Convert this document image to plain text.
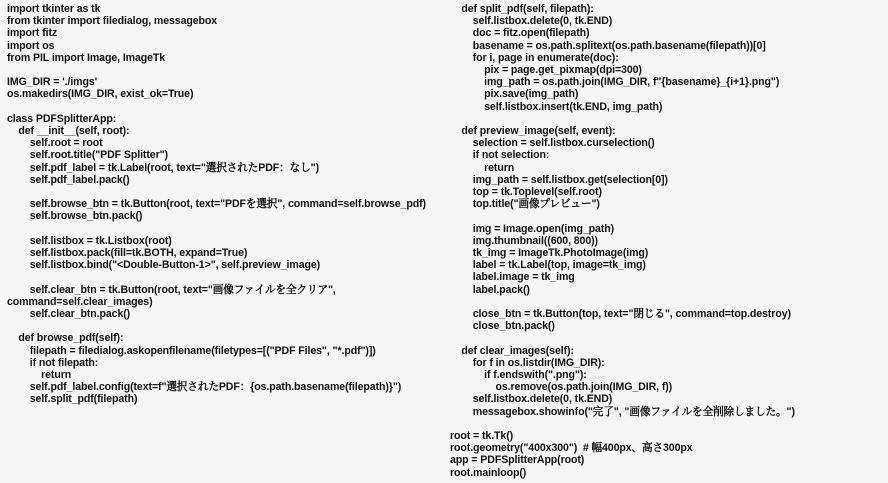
import tkinter as tk
from tkinter import filedialog, messagebox
import fitz
import os
from PIL import Image, ImageTk
IMG_DIR = './imgs'
os.makedirs(IMG_DIR, exist_ok=True)
class PDFSplitterApp:
def __init__(self, root):
self.root = root
self.root.title("PDF Splitter")
self.pdf_label = tk.Label(root, text="選択されたPDF：なし")
self.pdf_label.pack()
self.browse_btn = tk.Button(root, text="PDFを選択", command=self.browse_pdf)
self.browse_btn.pack()
self.listbox = tk.Listbox(root)
self.listbox.pack(fill=tk.BOTH, expand=True)
self.listbox.bind("<Double-Button-1>", self.preview_image)
self.clear_btn = tk.Button(root, text="画像ファイルを全クリア",
command=self.clear_images)
self.clear_btn.pack()
def browse_pdf(self):
filepath = filedialog.askopenfilename(filetypes=[("PDF Files", "*.pdf")])
if not filepath:
return
self.pdf_label.config(text=f"選択されたPDF：{os.path.basename(filepath)}")
self.split_pdf(filepath)
def split_pdf(self, filepath):
self.listbox.delete(0, tk.END)
doc = fitz.open(filepath)
basename = os.path.splitext(os.path.basename(filepath))[0]
for i, page in enumerate(doc):
pix = page.get_pixmap(dpi=300)
img_path = os.path.join(IMG_DIR, f"{basename}_{i+1}.png")
pix.save(img_path)
self.listbox.insert(tk.END, img_path)
def preview_image(self, event):
selection = self.listbox.curselection()
if not selection:
return
img_path = self.listbox.get(selection[0])
top = tk.Toplevel(self.root)
top.title("画像プレビュー")
img = Image.open(img_path)
img.thumbnail((600, 800))
tk_img = ImageTk.PhotoImage(img)
label = tk.Label(top, image=tk_img)
label.image = tk_img
label.pack()
close_btn = tk.Button(top, text="閉じる", command=top.destroy)
close_btn.pack()
def clear_images(self):
for f in os.listdir(IMG_DIR):
if f.endswith(".png"):
os.remove(os.path.join(IMG_DIR, f))
self.listbox.delete(0, tk.END)
messagebox.showinfo("完了", "画像ファイルを全削除しました。")
root = tk.Tk()
root.geometry("400x300")  # 幅400px、高さ300px
app = PDFSplitterApp(root)
root.mainloop()
